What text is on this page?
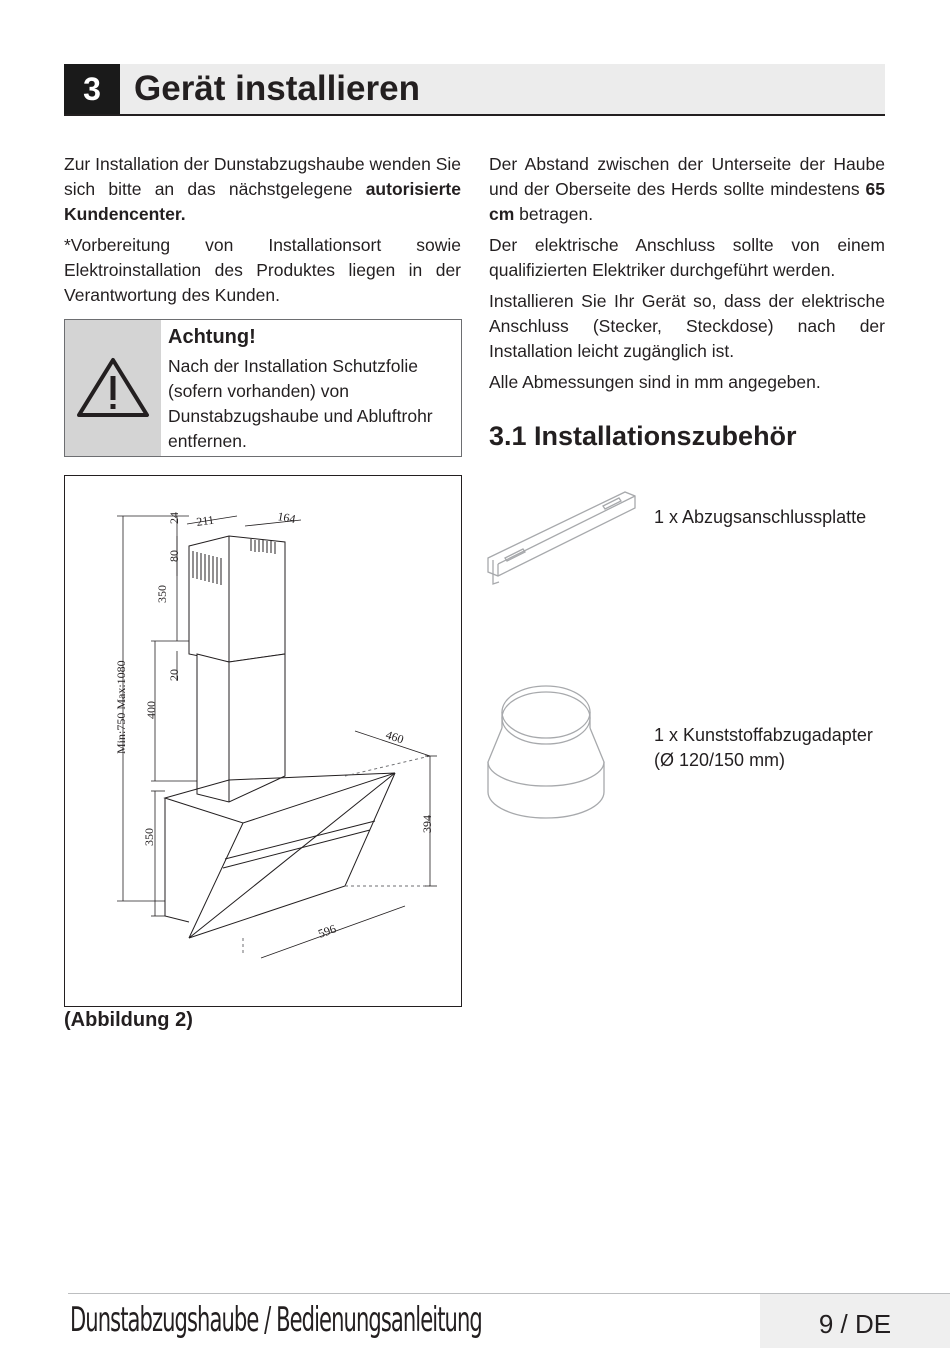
3 Gerät installieren

Zur Installation der Dunstabzugshaube wenden Sie sich bitte an das nächstgelegene autorisierte Kundencenter.

*Vorbereitung von Installationsort sowie Elektroinstallation des Produktes liegen in der Verantwortung des Kunden.

Achtung!
Nach der Installation Schutzfolie (sofern vorhanden) von Dunstabzugshaube und Abluftrohr entfernen.

Der Abstand zwischen der Unterseite der Haube und der Oberseite des Herds sollte mindestens 65 cm betragen.

Der elektrische Anschluss sollte von einem qualifizierten Elektriker durchgeführt werden.

Installieren Sie Ihr Gerät so, dass der elektrische Anschluss (Stecker, Steckdose) nach der Installation leicht zugänglich ist.

Alle Abmessungen sind in mm angegeben.

3.1 Installationszubehör
24 211	164
80
350
20
Min:750 Max:1080 400
460
350
394
596
(Abbildung 2)
1 x Abzugsanschlussplatte
1 x Kunststoffabzugadapter
(Ø 120/150 mm)
Dunstabzugshaube / Bedienungsanleitung	9 / DE
